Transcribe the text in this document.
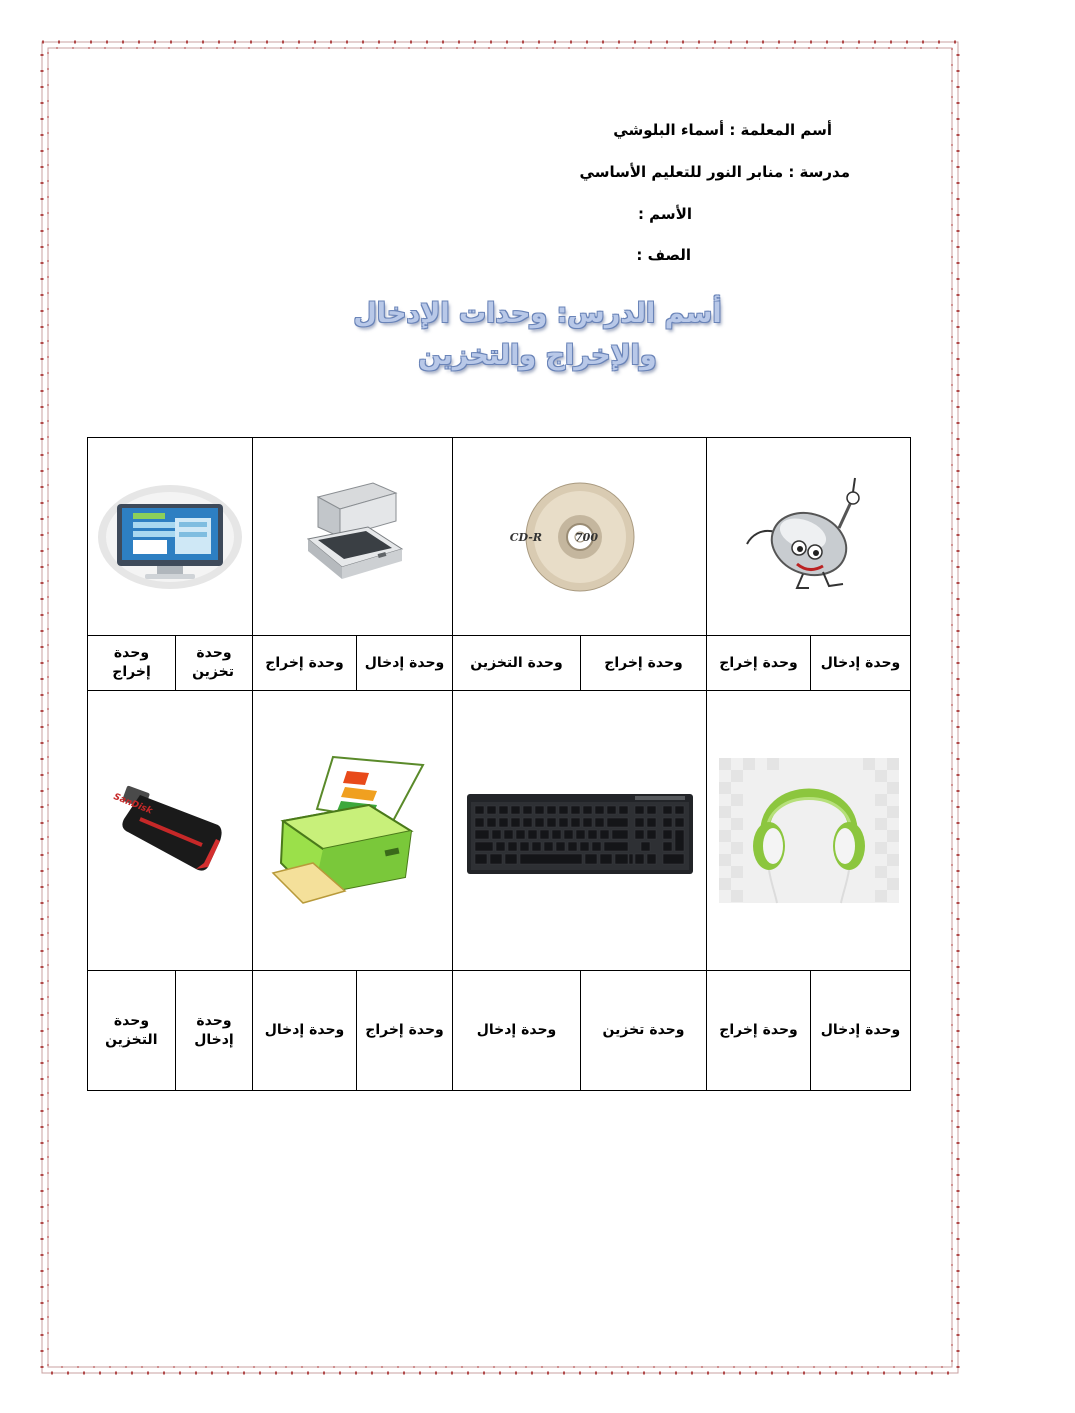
أسم المعلمة : أسماء البلوشي
مدرسة : منابر النور للتعليم الأساسي
الأسم :
الصف :
أسم الدرس: وحدات الإدخال
والإخراج والتخزين

CD-R 700

وحدة إخراج	وحدة تخزين	وحدة إخراج	وحدة إدخال	وحدة التخزين	وحدة إخراج	وحدة إخراج	وحدة إدخال

SanDisk

وحدة التخزين	وحدة إدخال	وحدة إدخال	وحدة إخراج	وحدة إدخال	وحدة تخزين	وحدة إخراج	وحدة إدخال
